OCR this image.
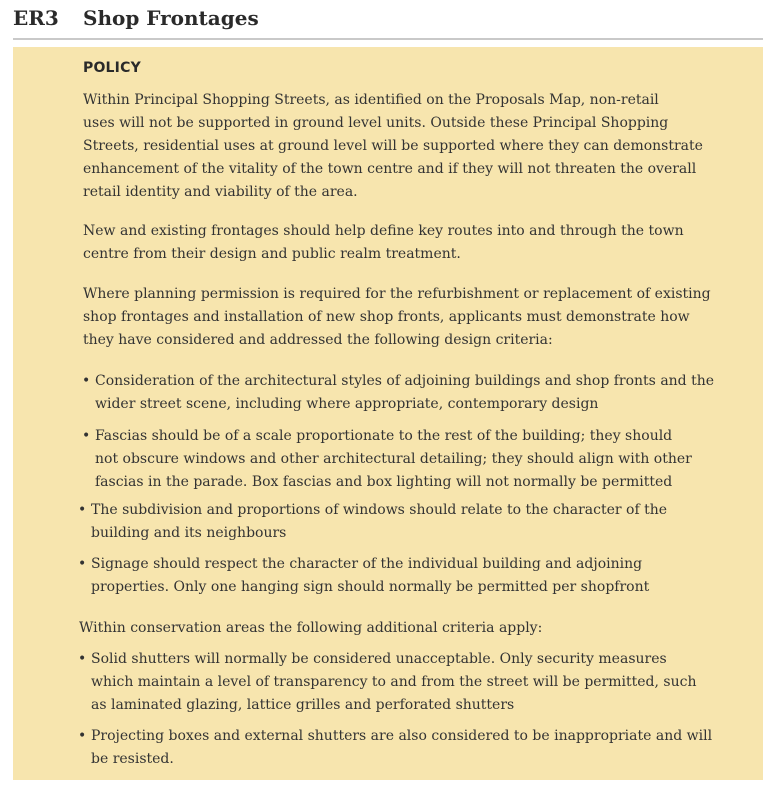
ER3	Shop Frontages
POLICY
Within Principal Shopping Streets, as identified on the Proposals Map, non-retail
uses will not be supported in ground level units. Outside these Principal Shopping
Streets, residential uses at ground level will be supported where they can demonstrate
enhancement of the vitality of the town centre and if they will not threaten the overall
retail identity and viability of the area.
New and existing frontages should help define key routes into and through the town
centre from their design and public realm treatment.
Where planning permission is required for the refurbishment or replacement of existing
shop frontages and installation of new shop fronts, applicants must demonstrate how
they have considered and addressed the following design criteria:
• Consideration of the architectural styles of adjoining buildings and shop fronts and the
wider street scene, including where appropriate, contemporary design
• Fascias should be of a scale proportionate to the rest of the building; they should
not obscure windows and other architectural detailing; they should align with other
fascias in the parade. Box fascias and box lighting will not normally be permitted
• The subdivision and proportions of windows should relate to the character of the
building and its neighbours
• Signage should respect the character of the individual building and adjoining
properties. Only one hanging sign should normally be permitted per shopfront
Within conservation areas the following additional criteria apply:
• Solid shutters will normally be considered unacceptable. Only security measures
which maintain a level of transparency to and from the street will be permitted, such
as laminated glazing, lattice grilles and perforated shutters
• Projecting boxes and external shutters are also considered to be inappropriate and will
be resisted.
